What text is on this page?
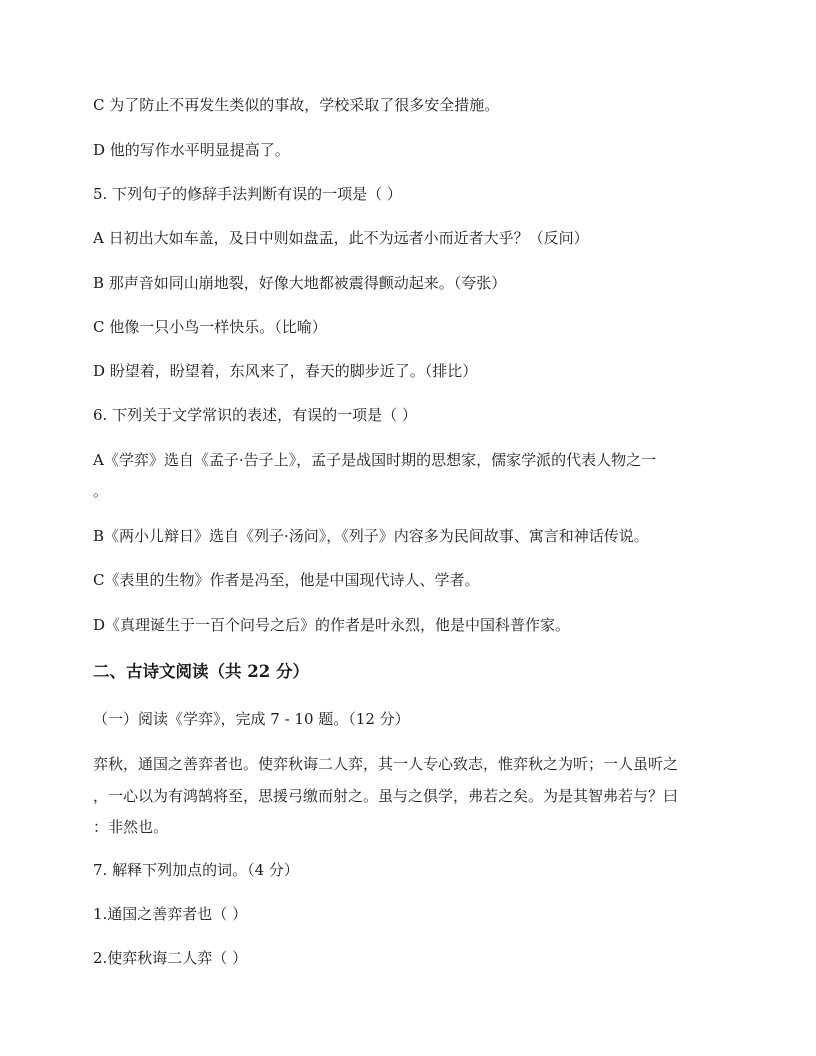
C 为了防止不再发生类似的事故，学校采取了很多安全措施。
D 他的写作水平明显提高了。
5. 下列句子的修辞手法判断有误的一项是（ ）
A 日初出大如车盖，及日中则如盘盂，此不为远者小而近者大乎？（反问）
B 那声音如同山崩地裂，好像大地都被震得颤动起来。（夸张）
C 他像一只小鸟一样快乐。（比喻）
D 盼望着，盼望着，东风来了，春天的脚步近了。（排比）
6. 下列关于文学常识的表述，有误的一项是（ ）
A《学弈》选自《孟子·告子上》，孟子是战国时期的思想家，儒家学派的代表人物之一
。
B《两小儿辩日》选自《列子·汤问》，《列子》内容多为民间故事、寓言和神话传说。
C《表里的生物》作者是冯至，他是中国现代诗人、学者。
D《真理诞生于一百个问号之后》的作者是叶永烈，他是中国科普作家。
二、古诗文阅读（共 22 分）
（一）阅读《学弈》，完成 7 - 10 题。（12 分）
弈秋，通国之善弈者也。使弈秋诲二人弈，其一人专心致志，惟弈秋之为听；一人虽听之
，一心以为有鸿鹄将至，思援弓缴而射之。虽与之俱学，弗若之矣。为是其智弗若与？曰
：非然也。
7. 解释下列加点的词。（4 分）
1.通国之善弈者也（ ）
2.使弈秋诲二人弈（ ）
